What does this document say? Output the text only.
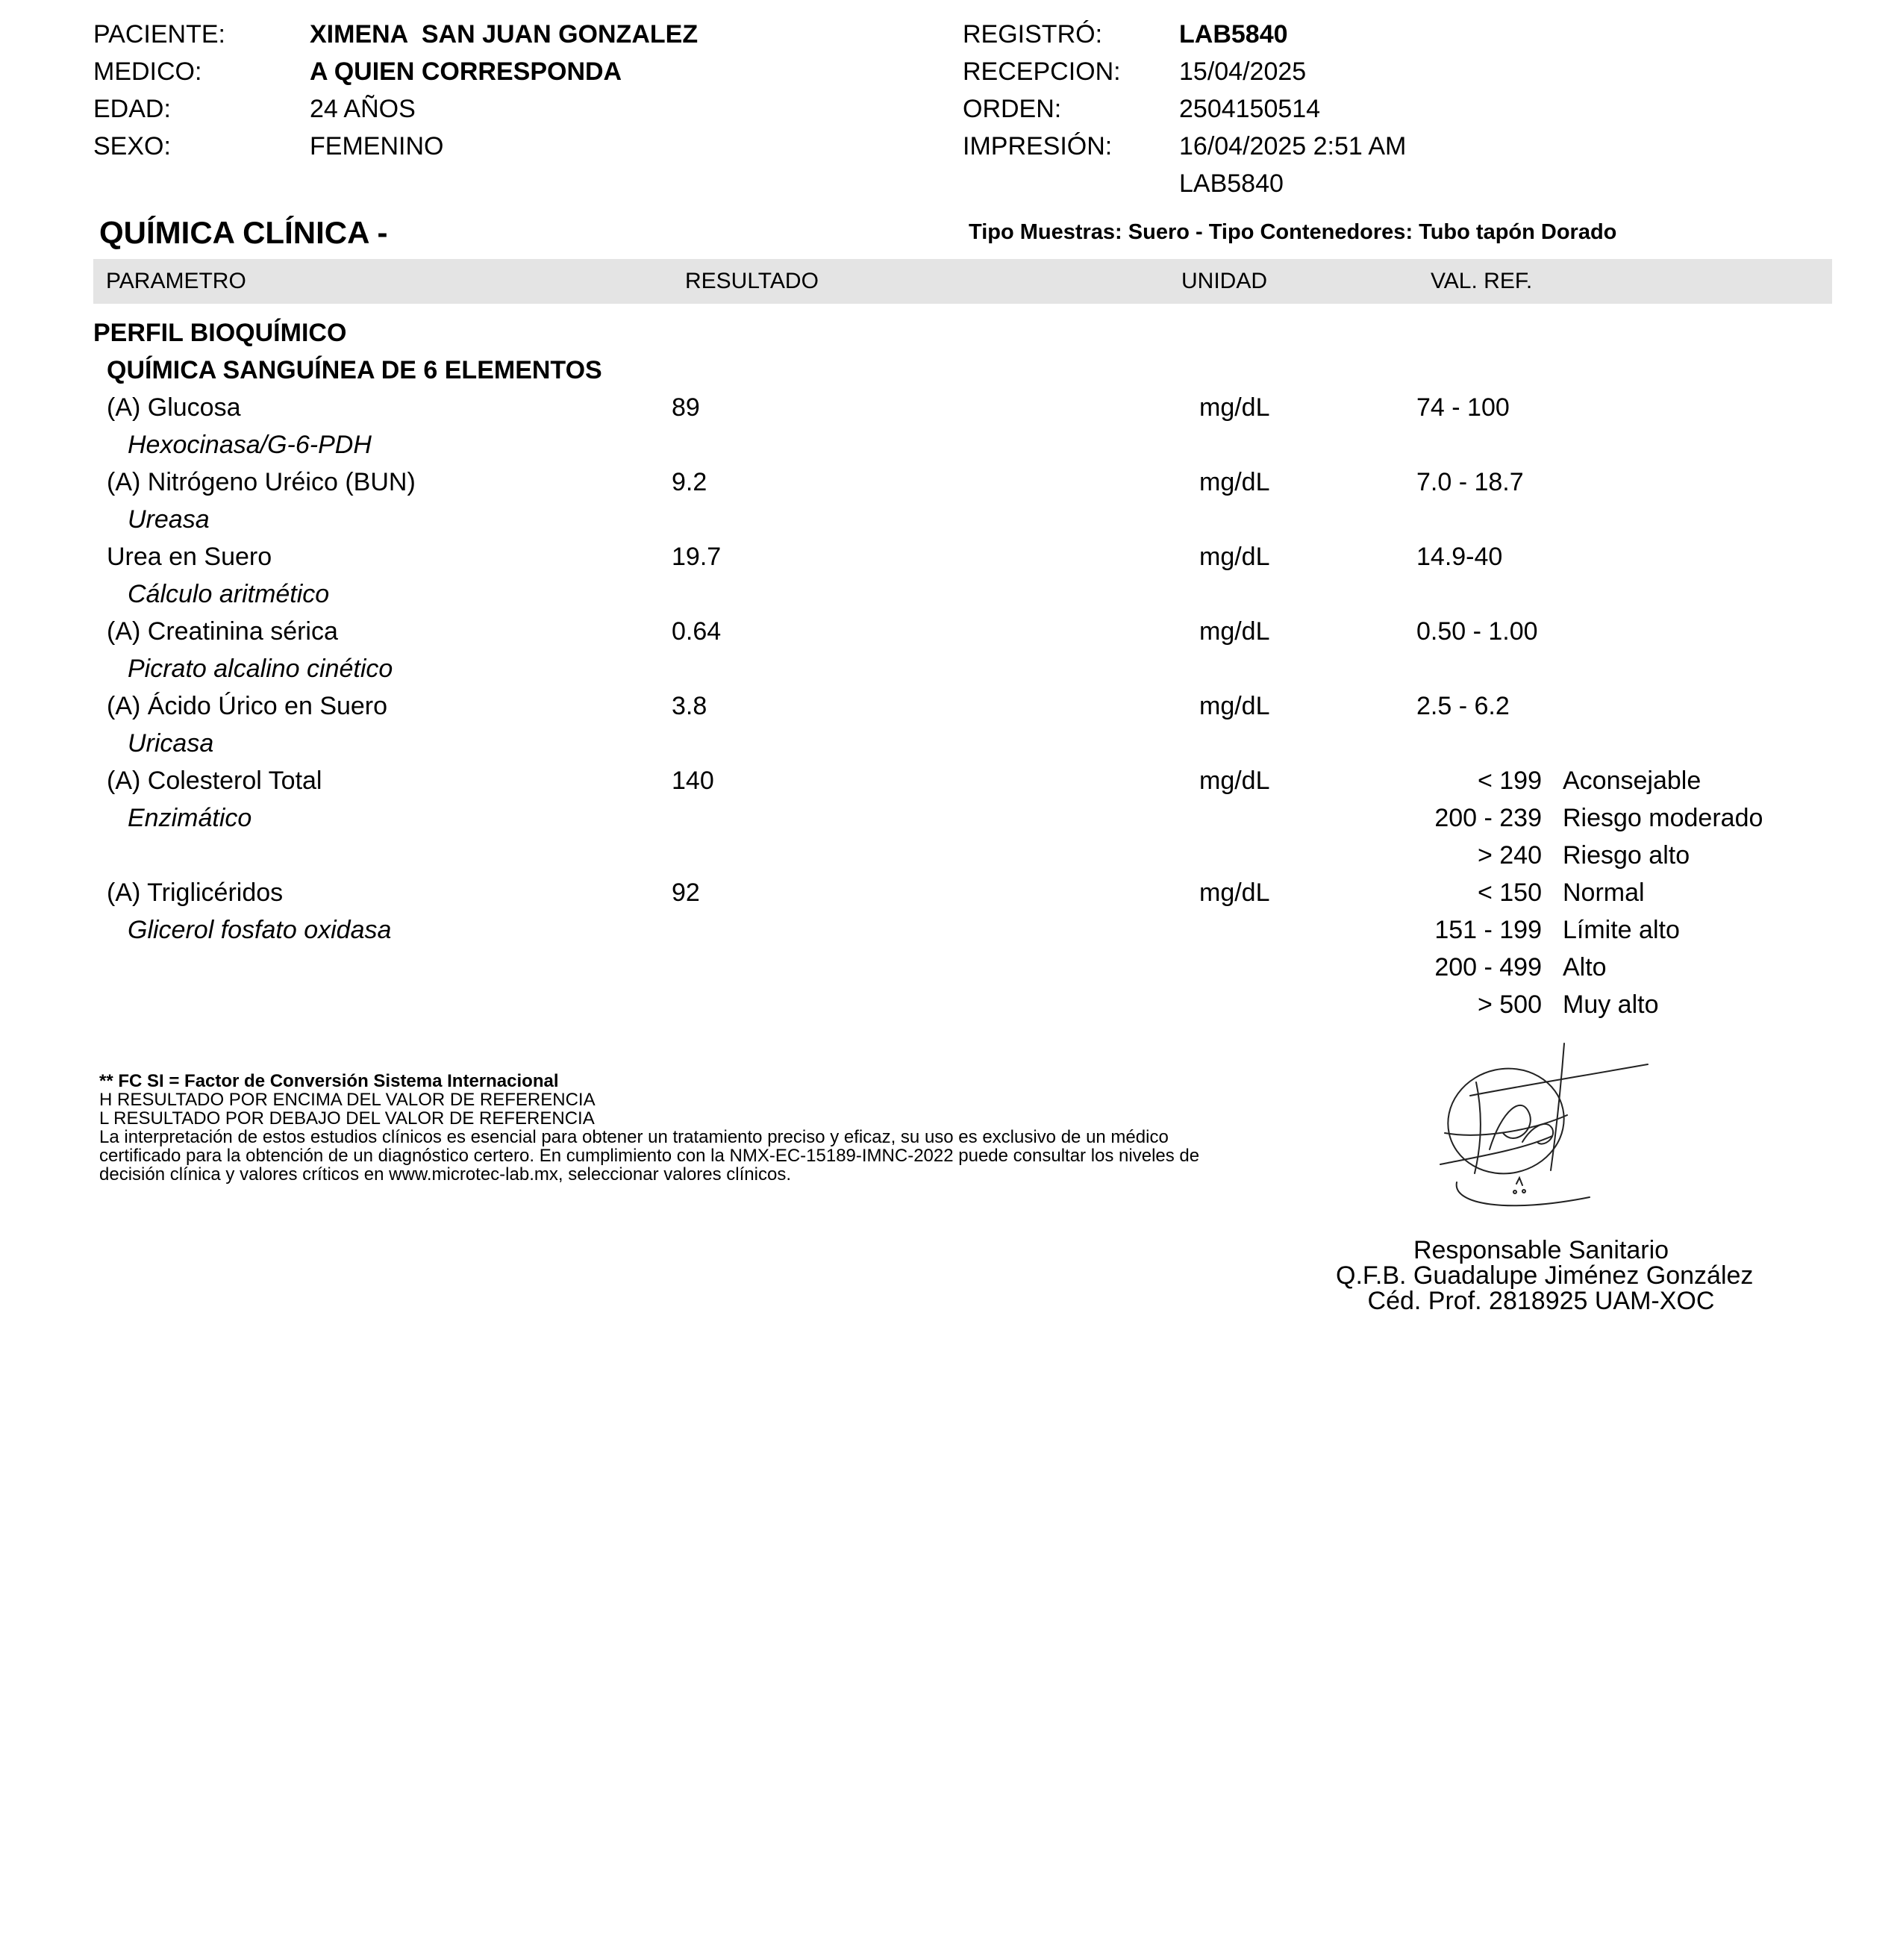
PACIENTE:	XIMENA  SAN JUAN GONZALEZ
MEDICO:	A QUIEN CORRESPONDA
EDAD:	24 AÑOS
SEXO:	FEMENINO
REGISTRÓ:	LAB5840
RECEPCION: 15/04/2025
ORDEN:	2504150514
IMPRESIÓN:	16/04/2025 2:51 AM
LAB5840
QUÍMICA CLÍNICA -	Tipo Muestras: Suero - Tipo Contenedores: Tubo tapón Dorado
PARAMETRO	RESULTADO	UNIDAD	VAL. REF.
PERFIL BIOQUÍMICO
QUÍMICA SANGUÍNEA DE 6 ELEMENTOS
(A) Glucosa	89	mg/dL	74 - 100
Hexocinasa/G-6-PDH
(A) Nitrógeno Uréico (BUN)	9.2	mg/dL	7.0 - 18.7
Ureasa
Urea en Suero	19.7	mg/dL	14.9-40
Cálculo aritmético
(A) Creatinina sérica	0.64	mg/dL	0.50 - 1.00
Picrato alcalino cinético
(A) Ácido Úrico en Suero	3.8	mg/dL	2.5 - 6.2
Uricasa
(A) Colesterol Total	140	mg/dL
Enzimático
< 199 Aconsejable
200 - 239 Riesgo moderado
> 240 Riesgo alto
(A) Triglicéridos	92	mg/dL
Glicerol fosfato oxidasa
< 150 Normal
151 - 199 Límite alto
200 - 499 Alto
> 500 Muy alto
** FC SI = Factor de Conversión Sistema Internacional
H RESULTADO POR ENCIMA DEL VALOR DE REFERENCIA
L RESULTADO POR DEBAJO DEL VALOR DE REFERENCIA
La interpretación de estos estudios clínicos es esencial para obtener un tratamiento preciso y eficaz, su uso es exclusivo de un médico
certificado para la obtención de un diagnóstico certero. En cumplimiento con la NMX-EC-15189-IMNC-2022 puede consultar los niveles de
decisión clínica y valores críticos en www.microtec-lab.mx, seleccionar valores clínicos.
Responsable Sanitario
Q.F.B. Guadalupe Jiménez González
Céd. Prof. 2818925 UAM-XOC
